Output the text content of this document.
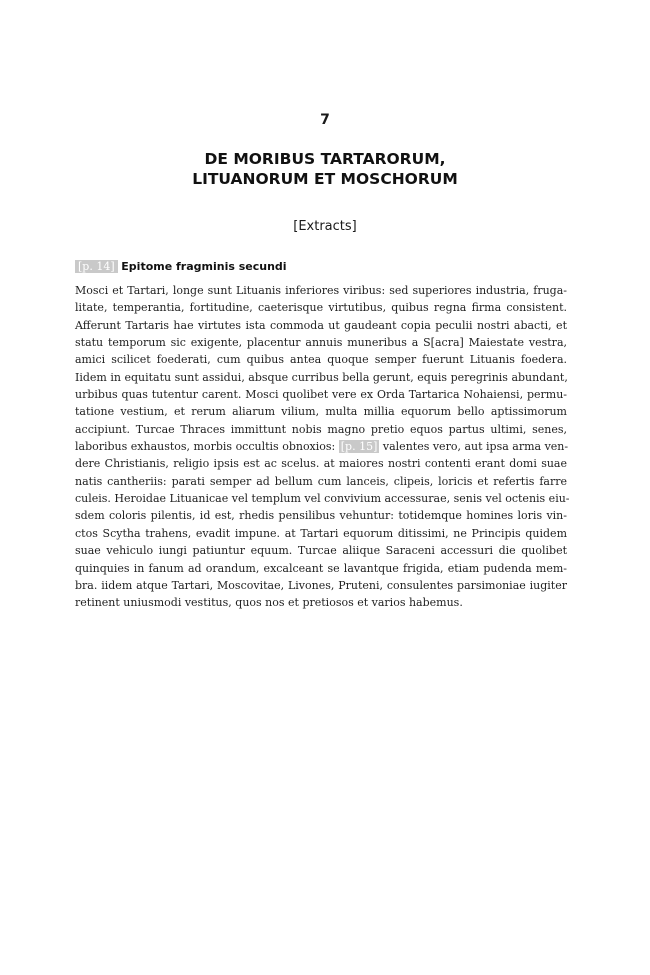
7
DE MORIBUS TARTARORUM,
LITUANORUM ET MOSCHORUM
[Extracts]
[p. 14] Epitome fragminis secundi
Mosci et Tartari, longe sunt Lituanis inferiores viribus: sed superiores industria, fruga-
litate, temperantia, fortitudine, caeterisque virtutibus, quibus regna firma consistent.
Afferunt Tartaris hae virtutes ista commoda ut gaudeant copia peculii nostri abacti, et
statu temporum sic exigente, placentur annuis muneribus a S[acra] Maiestate vestra,
amici scilicet foederati, cum quibus antea quoque semper fuerunt Lituanis foedera.
Iidem in equitatu sunt assidui, absque curribus bella gerunt, equis peregrinis abundant,
urbibus quas tutentur carent. Mosci quolibet vere ex Orda Tartarica Nohaiensi, permu-
tatione vestium, et rerum aliarum vilium, multa millia equorum bello aptissimorum
accipiunt. Turcae Thraces immittunt nobis magno pretio equos partus ultimi, senes,
laboribus exhaustos, morbis occultis obnoxios: [p. 15] valentes vero, aut ipsa arma ven-
dere Christianis, religio ipsis est ac scelus. at maiores nostri contenti erant domi suae
natis cantheriis: parati semper ad bellum cum lanceis, clipeis, loricis et refertis farre
culeis. Heroidae Lituanicae vel templum vel convivium accessurae, senis vel octenis eiu-
sdem coloris pilentis, id est, rhedis pensilibus vehuntur: totidemque homines loris vin-
ctos Scytha trahens, evadit impune. at Tartari equorum ditissimi, ne Principis quidem
suae vehiculo iungi patiuntur equum. Turcae aliique Saraceni accessuri die quolibet
quinquies in fanum ad orandum, excalceant se lavantque frigida, etiam pudenda mem-
bra. iidem atque Tartari, Moscovitae, Livones, Pruteni, consulentes parsimoniae iugiter
retinent uniusmodi vestitus, quos nos et pretiosos et varios habemus.
